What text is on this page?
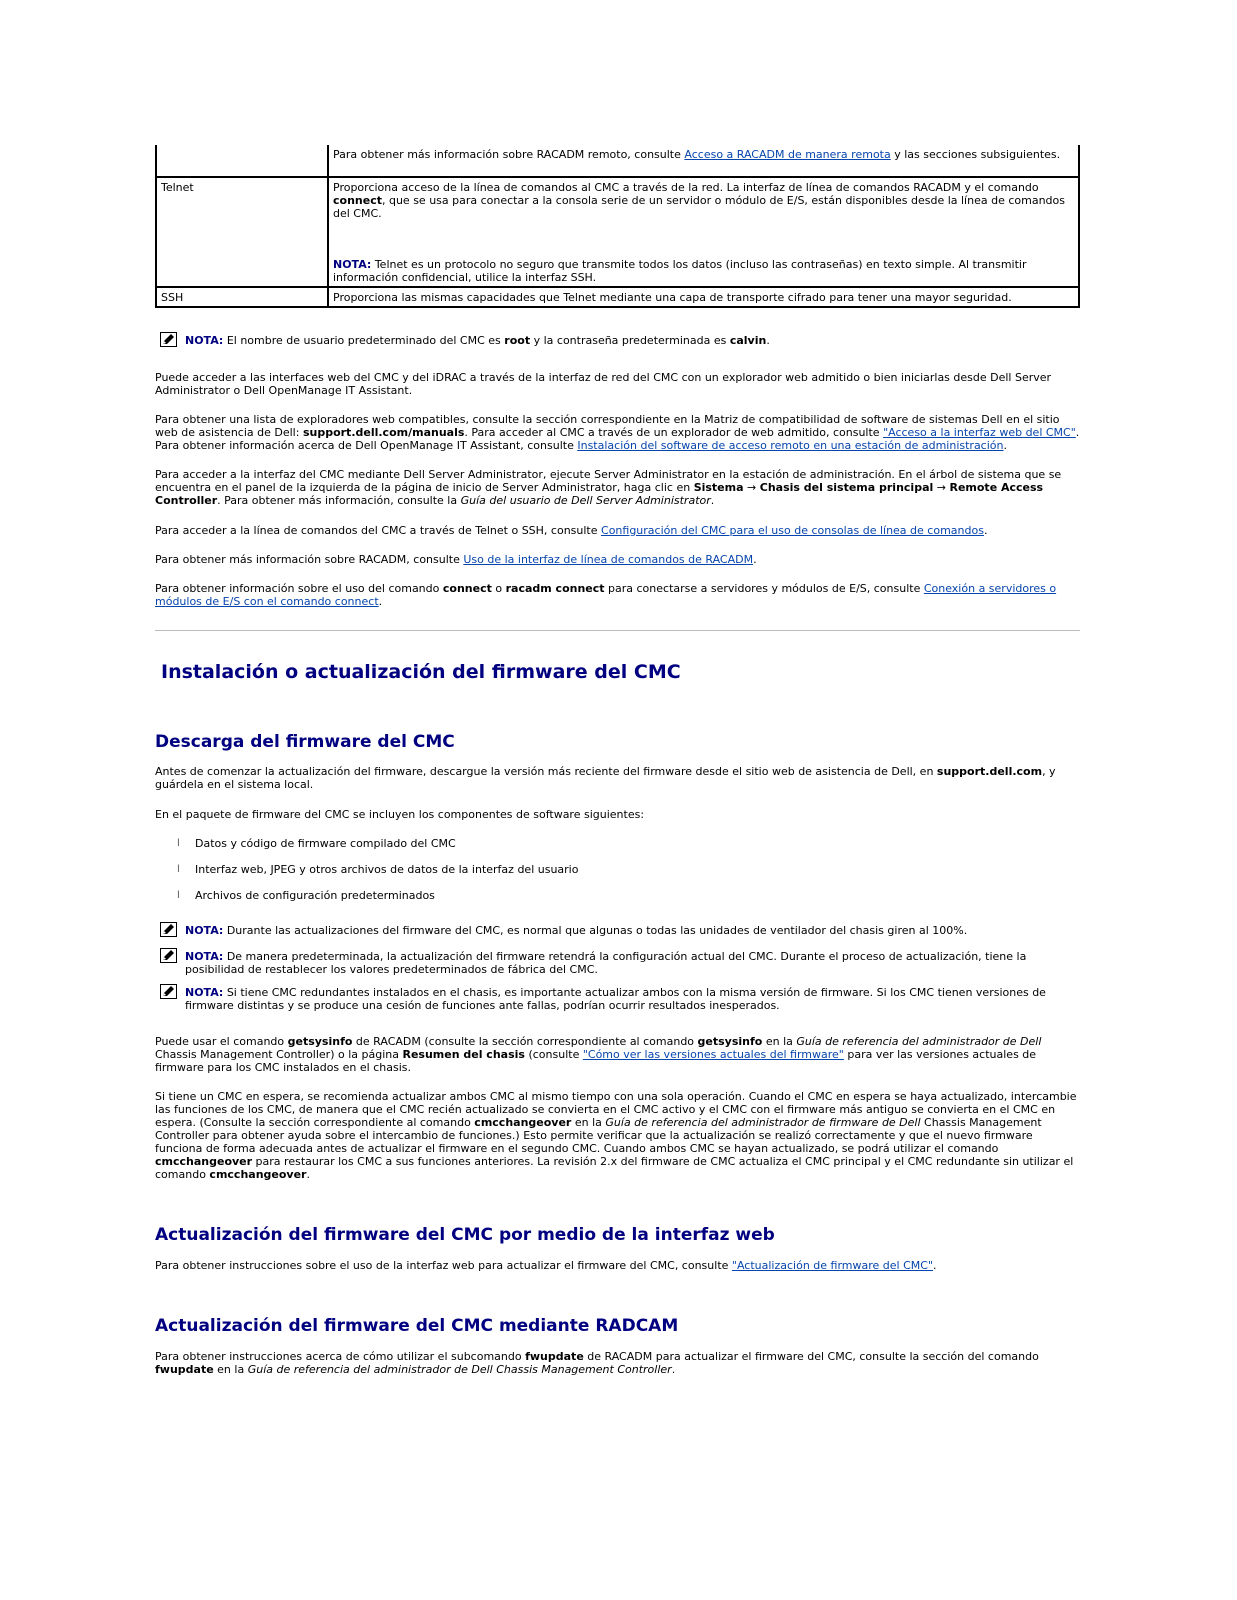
	Para obtener más información sobre RACADM remoto, consulte Acceso a RACADM de manera remota y las secciones subsiguientes.
Telnet	Proporciona acceso de la línea de comandos al CMC a través de la red. La interfaz de línea de comandos RACADM y el comando connect, que se usa para conectar a la consola serie de un servidor o módulo de E/S, están disponibles desde la línea de comandos del CMC.
NOTA: Telnet es un protocolo no seguro que transmite todos los datos (incluso las contraseñas) en texto simple. Al transmitir información confidencial, utilice la interfaz SSH.

SSH	Proporciona las mismas capacidades que Telnet mediante una capa de transporte cifrado para tener una mayor seguridad.
NOTA: El nombre de usuario predeterminado del CMC es root y la contraseña predeterminada es calvin.

Puede acceder a las interfaces web del CMC y del iDRAC a través de la interfaz de red del CMC con un explorador web admitido o bien iniciarlas desde Dell Server Administrator o Dell OpenManage IT Assistant.

Para obtener una lista de exploradores web compatibles, consulte la sección correspondiente en la Matriz de compatibilidad de software de sistemas Dell en el sitio web de asistencia de Dell: support.dell.com/manuals. Para acceder al CMC a través de un explorador de web admitido, consulte "Acceso a la interfaz web del CMC". Para obtener información acerca de Dell OpenManage IT Assistant, consulte Instalación del software de acceso remoto en una estación de administración.

Para acceder a la interfaz del CMC mediante Dell Server Administrator, ejecute Server Administrator en la estación de administración. En el árbol de sistema que se encuentra en el panel de la izquierda de la página de inicio de Server Administrator, haga clic en Sistema → Chasis del sistema principal → Remote Access Controller. Para obtener más información, consulte la Guía del usuario de Dell Server Administrator.

Para acceder a la línea de comandos del CMC a través de Telnet o SSH, consulte Configuración del CMC para el uso de consolas de línea de comandos.

Para obtener más información sobre RACADM, consulte Uso de la interfaz de línea de comandos de RACADM.

Para obtener información sobre el uso del comando connect o racadm connect para conectarse a servidores y módulos de E/S, consulte Conexión a servidores o módulos de E/S con el comando connect.

Instalación o actualización del firmware del CMC
Descarga del firmware del CMC

Antes de comenzar la actualización del firmware, descargue la versión más reciente del firmware desde el sitio web de asistencia de Dell, en support.dell.com, y guárdela en el sistema local.

En el paquete de firmware del CMC se incluyen los componentes de software siguientes:

l Datos y código de firmware compilado del CMC
l Interfaz web, JPEG y otros archivos de datos de la interfaz del usuario
l Archivos de configuración predeterminados
NOTA: Durante las actualizaciones del firmware del CMC, es normal que algunas o todas las unidades de ventilador del chasis giren al 100%.
NOTA: De manera predeterminada, la actualización del firmware retendrá la configuración actual del CMC. Durante el proceso de actualización, tiene la posibilidad de restablecer los valores predeterminados de fábrica del CMC.
NOTA: Si tiene CMC redundantes instalados en el chasis, es importante actualizar ambos con la misma versión de firmware. Si los CMC tienen versiones de firmware distintas y se produce una cesión de funciones ante fallas, podrían ocurrir resultados inesperados.

Puede usar el comando getsysinfo de RACADM (consulte la sección correspondiente al comando getsysinfo en la Guía de referencia del administrador de Dell Chassis Management Controller) o la página Resumen del chasis (consulte "Cómo ver las versiones actuales del firmware" para ver las versiones actuales de firmware para los CMC instalados en el chasis.

Si tiene un CMC en espera, se recomienda actualizar ambos CMC al mismo tiempo con una sola operación. Cuando el CMC en espera se haya actualizado, intercambie las funciones de los CMC, de manera que el CMC recién actualizado se convierta en el CMC activo y el CMC con el firmware más antiguo se convierta en el CMC en espera. (Consulte la sección correspondiente al comando cmcchangeover en la Guía de referencia del administrador de firmware de Dell Chassis Management Controller para obtener ayuda sobre el intercambio de funciones.) Esto permite verificar que la actualización se realizó correctamente y que el nuevo firmware funciona de forma adecuada antes de actualizar el firmware en el segundo CMC. Cuando ambos CMC se hayan actualizado, se podrá utilizar el comando cmcchangeover para restaurar los CMC a sus funciones anteriores. La revisión 2.x del firmware de CMC actualiza el CMC principal y el CMC redundante sin utilizar el comando cmcchangeover.

Actualización del firmware del CMC por medio de la interfaz web

Para obtener instrucciones sobre el uso de la interfaz web para actualizar el firmware del CMC, consulte "Actualización de firmware del CMC".

Actualización del firmware del CMC mediante RADCAM

Para obtener instrucciones acerca de cómo utilizar el subcomando fwupdate de RACADM para actualizar el firmware del CMC, consulte la sección del comando fwupdate en la Guía de referencia del administrador de Dell Chassis Management Controller.
